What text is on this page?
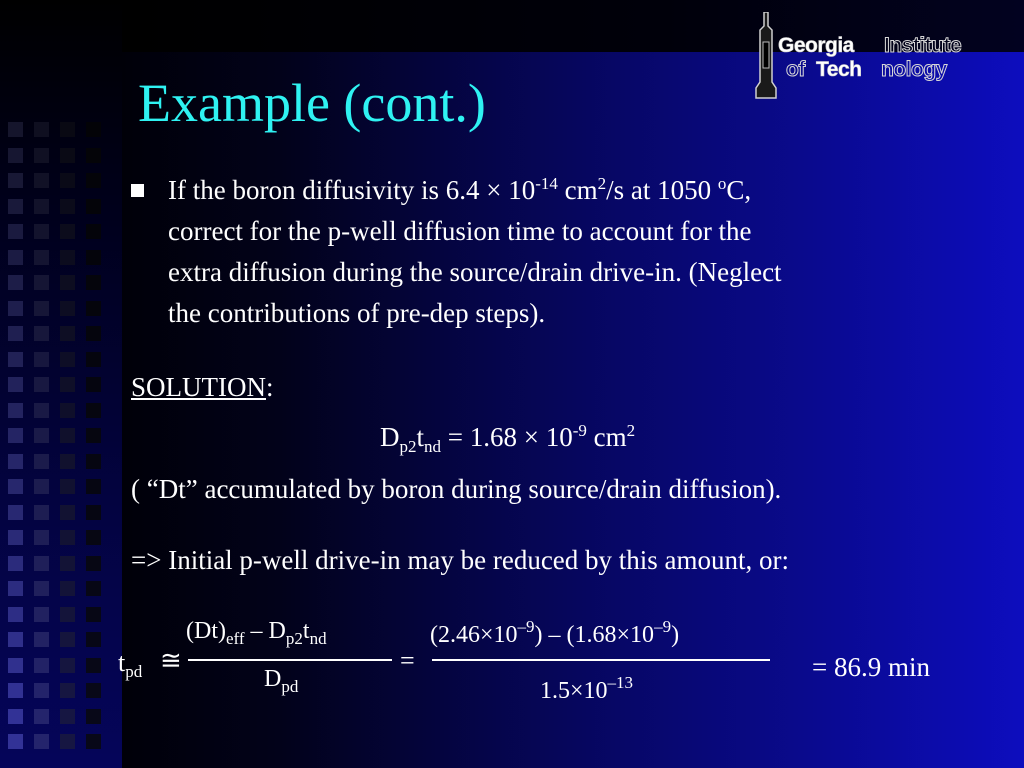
Georgia Institute
of Tech nology
Example (cont.)
If the boron diffusivity is $6.4 \times 10^{-14}$ $cm^2/s$ at 1050 $^o$C,
correct for the p-well diffusion time to account for the
extra diffusion during the source/drain drive-in. (Neglect
the contributions of pre-dep steps).
SOLUTION:
$D_{p2}t_{nd} = 1.68 \times 10^{-9}$ $cm^2$
( “Dt” accumulated by boron during source/drain diffusion).
=> Initial p-well drive-in may be reduced by this amount, or:
$t_{pd}$ ≅
$(Dt)_{eff} - D_{p2}t_{nd}$
$D_{pd}$
=
$(2.46\times 10^{-9}) - (1.68\times 10^{-9})$
$1.5\times 10^{-13}$
= 86.9 min
